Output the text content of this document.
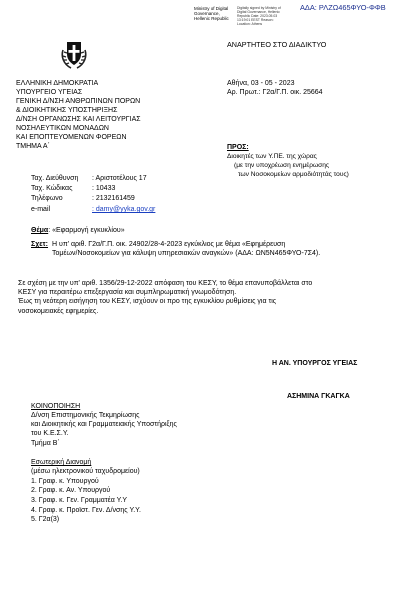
ΑΔΑ: ΡΛΖΩ465ΦΥΟ-ΦΦΒ
Ministry of Digital
Governance,
Hellenic Republic
Digitally signed by Ministry of Digital Governance, Hellenic Republic Date: 2023.05.03 13:19:01 EEST Reason: Location: Athens
ΑΝΑΡΤΗΤΕΟ ΣΤΟ ΔΙΑΔΙΚΤΥΟ
ΕΛΛΗΝΙΚΗ ΔΗΜΟΚΡΑΤΙΑ
ΥΠΟΥΡΓΕΙΟ ΥΓΕΙΑΣ
ΓΕΝΙΚΗ Δ/ΝΣΗ ΑΝΘΡΩΠΙΝΩΝ ΠΟΡΩΝ
& ΔΙΟΙΚΗΤΙΚΗΣ ΥΠΟΣΤΗΡΙΞΗΣ
Δ/ΝΣΗ ΟΡΓΑΝΩΣΗΣ ΚΑΙ ΛΕΙΤΟΥΡΓΙΑΣ
ΝΟΣΗΛΕΥΤΙΚΩΝ ΜΟΝΑΔΩΝ
ΚΑΙ ΕΠΟΠΤΕΥΟΜΕΝΩΝ ΦΟΡΕΩΝ
ΤΜΗΜΑ Α΄
Αθήνα, 03 - 05 - 2023
Αρ. Πρωτ.: Γ2α/Γ.Π. οικ. 25664
ΠΡΟΣ:
Διοικητές των Υ.ΠΕ. της χώρας
(με την υποχρέωση ενημέρωσης
των Νοσοκομείων αρμοδιότητάς τους)
Ταχ. Διεύθυνση : Αριστοτέλους 17
Ταχ. Κώδικας	: 10433
Τηλέφωνο	: 2132161459
e-mail	: damy@yyka.gov.gr
Θέμα: «Εφαρμογή εγκυκλίου»
Σχετ: Η υπ' αριθ. Γ2α/Γ.Π. οικ. 24902/28-4-2023 εγκύκλιος με θέμα «Εφημέρευση
Τομέων/Νοσοκομείων για κάλυψη υπηρεσιακών αναγκών» (ΑΔΑ: ΩΝ5Ν465ΦΥΟ-7Σ4).
Σε σχέση με την υπ' αριθ. 1356/29-12-2022 απόφαση του ΚΕΣΥ, το θέμα επανυποβάλλεται στο
ΚΕΣΥ για περαιτέρω επεξεργασία και συμπληρωματική γνωμοδότηση.
Έως τη νεότερη εισήγηση του ΚΕΣΥ, ισχύουν οι προ της εγκυκλίου ρυθμίσεις για τις
νοσοκομειακές εφημερίες.
Η ΑΝ. ΥΠΟΥΡΓΟΣ ΥΓΕΙΑΣ
ΑΣΗΜΙΝΑ ΓΚΑΓΚΑ
ΚΟΙΝΟΠΟΙΗΣΗ
Δ/νση Επιστημονικής Τεκμηρίωσης
και Διοικητικής και Γραμματειακής Υποστήριξης
του Κ.Ε.Σ.Υ.
Τμήμα Β΄
Εσωτερική Διανομή
(μέσω ηλεκτρονικού ταχυδρομείου)
1. Γραφ. κ. Υπουργού
2. Γραφ. κ. Αν. Υπουργού
3. Γραφ. κ. Γεν. Γραμματέα Υ.Υ
4. Γραφ. κ. Προϊστ. Γεν. Δ/νσης Υ.Υ.
5. Γ2α(3)
